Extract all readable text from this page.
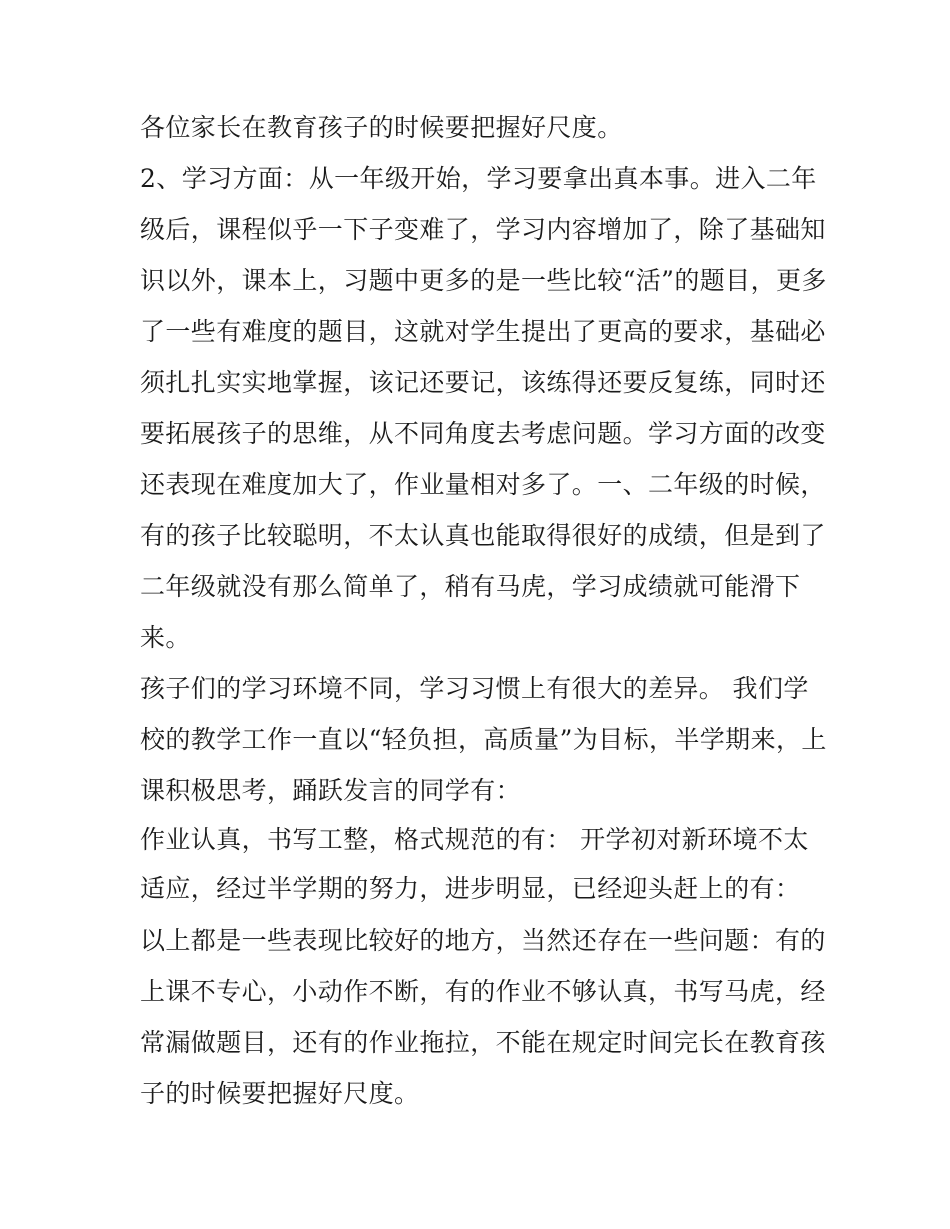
各位家长在教育孩子的时候要把握好尺度。
2、学习方面：从一年级开始，学习要拿出真本事。进入二年
级后，课程似乎一下子变难了，学习内容增加了，除了基础知
识以外，课本上，习题中更多的是一些比较“活”的题目，更多
了一些有难度的题目，这就对学生提出了更高的要求，基础必
须扎扎实实地掌握，该记还要记，该练得还要反复练，同时还
要拓展孩子的思维，从不同角度去考虑问题。学习方面的改变
还表现在难度加大了，作业量相对多了。一、二年级的时候，
有的孩子比较聪明，不太认真也能取得很好的成绩，但是到了
二年级就没有那么简单了，稍有马虎，学习成绩就可能滑下
来。
孩子们的学习环境不同，学习习惯上有很大的差异。 我们学
校的教学工作一直以“轻负担，高质量”为目标，半学期来，上
课积极思考，踊跃发言的同学有：
作业认真，书写工整，格式规范的有： 开学初对新环境不太
适应，经过半学期的努力，进步明显，已经迎头赶上的有：
以上都是一些表现比较好的地方，当然还存在一些问题：有的
上课不专心，小动作不断，有的作业不够认真，书写马虎，经
常漏做题目，还有的作业拖拉，不能在规定时间完长在教育孩
子的时候要把握好尺度。
